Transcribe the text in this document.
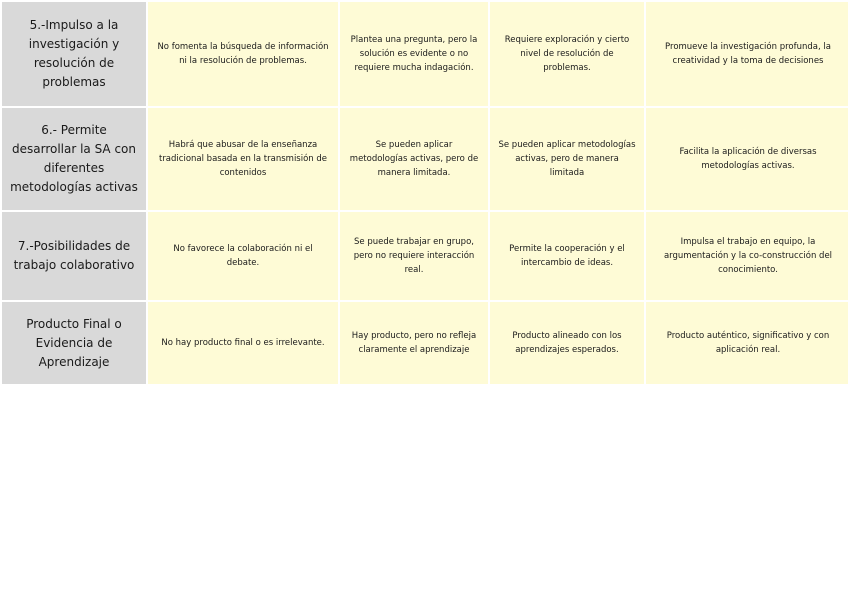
5.-Impulso a la investigación y resolución de problemas	No fomenta la búsqueda de información ni la resolución de problemas.	Plantea una pregunta, pero la solución es evidente o no requiere mucha indagación.	Requiere exploración y cierto nivel de resolución de problemas.	Promueve la investigación profunda, la creatividad y la toma de decisiones
6.- Permite desarrollar la SA con diferentes metodologías activas	Habrá que abusar de la enseñanza tradicional basada en la transmisión de contenidos	Se pueden aplicar metodologías activas, pero de manera limitada.	Se pueden aplicar metodologías activas, pero de manera limitada	Facilita la aplicación de diversas metodologías activas.
7.-Posibilidades de trabajo colaborativo	No favorece la colaboración ni el debate.	Se puede trabajar en grupo, pero no requiere interacción real.	Permite la cooperación y el intercambio de ideas.	Impulsa el trabajo en equipo, la argumentación y la co-construcción del conocimiento.
Producto Final o Evidencia de Aprendizaje	No hay producto final o es irrelevante.	Hay producto, pero no refleja claramente el aprendizaje	Producto alineado con los aprendizajes esperados.	Producto auténtico, significativo y con aplicación real.
